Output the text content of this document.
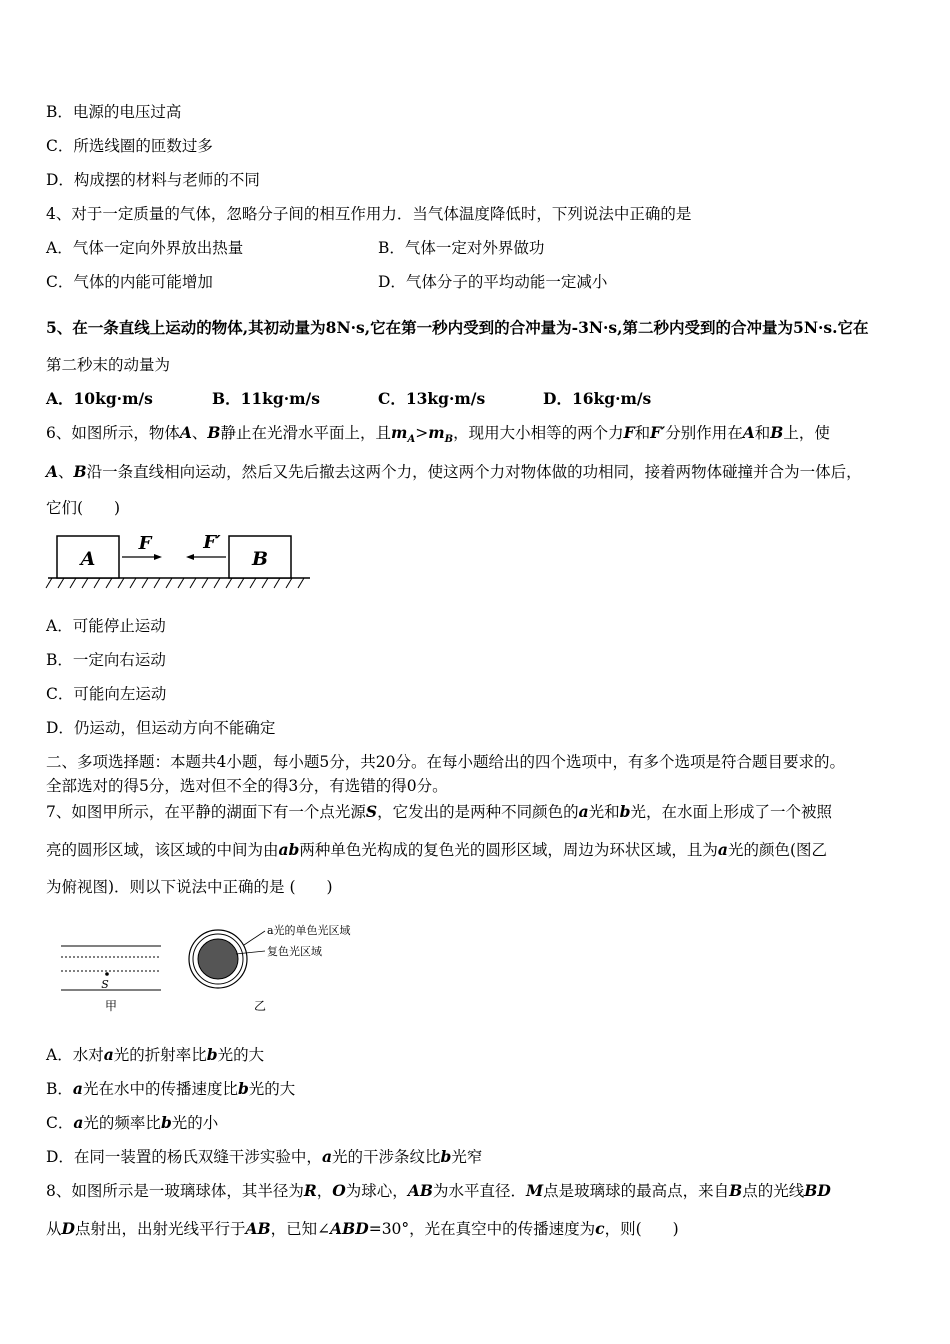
B．电源的电压过高
C．所选线圈的匝数过多
D．构成摆的材料与老师的不同
4、对于一定质量的气体，忽略分子间的相互作用力．当气体温度降低时，下列说法中正确的是
A．气体一定向外界放出热量	B．气体一定对外界做功
C．气体的内能可能增加	D．气体分子的平均动能一定减小
5、在一条直线上运动的物体,其初动量为8N·s,它在第一秒内受到的合冲量为-3N·s,第二秒内受到的合冲量为5N·s.它在
第二秒末的动量为
A．10kg·m/s	B．11kg·m/s	C．13kg·m/s	D．16kg·m/s
6、如图所示，物体A、B静止在光滑水平面上，且$m_A>m_B$，现用大小相等的两个力F和F′分别作用在A和B上，使
A、B沿一条直线相向运动，然后又先后撤去这两个力，使这两个力对物体做的功相同，接着两物体碰撞并合为一体后，
它们(　　)
A	B
F	F′
A．可能停止运动
B．一定向右运动
C．可能向左运动
D．仍运动，但运动方向不能确定
二、多项选择题：本题共4小题，每小题5分，共20分。在每小题给出的四个选项中，有多个选项是符合题目要求的。
全部选对的得5分，选对但不全的得3分，有选错的得0分。
7、如图甲所示，在平静的湖面下有一个点光源S，它发出的是两种不同颜色的a光和b光，在水面上形成了一个被照
亮的圆形区域，该区域的中间为由ab两种单色光构成的复色光的圆形区域，周边为环状区域，且为a光的颜色(图乙
为俯视图)．则以下说法中正确的是 (　　)
S
甲
a光的单色光区域
复色光区域
乙
A．水对a光的折射率比b光的大
B．a光在水中的传播速度比b光的大
C．a光的频率比b光的小
D．在同一装置的杨氏双缝干涉实验中，a光的干涉条纹比b光窄
8、如图所示是一玻璃球体，其半径为R，O为球心，AB为水平直径．M点是玻璃球的最高点，来自B点的光线BD
从D点射出，出射光线平行于AB，已知∠ABD=30°，光在真空中的传播速度为c，则(　　)
